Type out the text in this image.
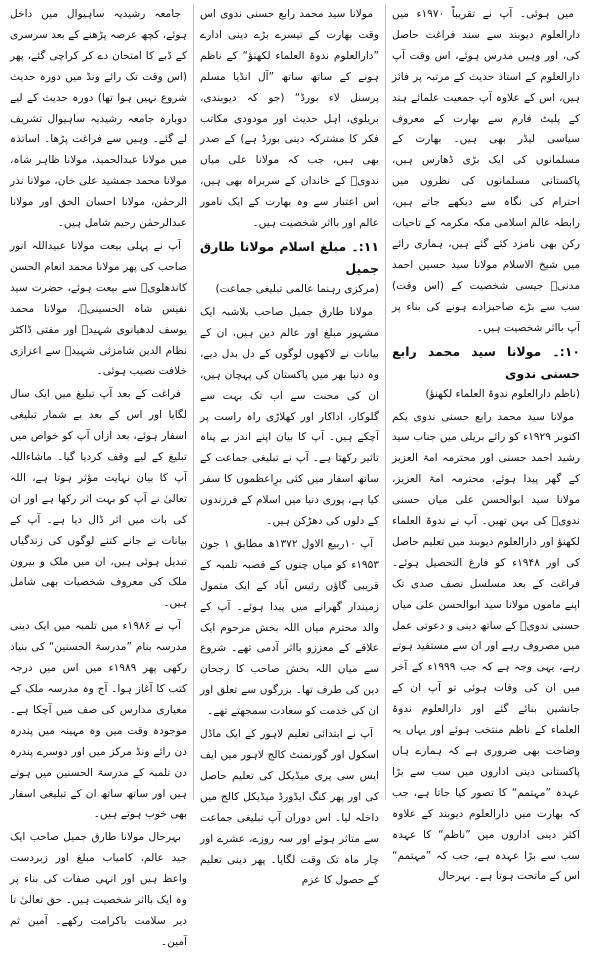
میں ہوئی۔ آپ نے تقریباً ۱۹۷۰ء میں دارالعلوم دیوبند سے سند فراغت حاصل کی، اور وہیں مدرس ہوئے، اس وقت آپ دارالعلوم کے استاذ حدیث کے مرتبہ پر فائز ہیں، اس کے علاوہ آپ جمعیت علمائے ہند کے پلیٹ فارم سے بھارت کے معروف سیاسی لیڈر بھی ہیں۔ بھارت کے مسلمانوں کی ایک بڑی ڈھارس ہیں، پاکستانی مسلمانوں کی نظروں میں احترام کی نگاہ سے دیکھے جاتے ہیں، رابطہ عالم اسلامی مکہ مکرمہ کے تاحیات رکن بھی نامزد کئے گئے ہیں، ہماری رائے میں شیخ الاسلام مولانا سید حسین احمد مدنیؒ جیسی شخصیت کے (اس وقت) سب سے بڑے صاحبزادے ہونے کی بناء پر آپ بااثر شخصیت ہیں۔

۱۰:۔ مولانا سید محمد رابع حسنی ندوی

(ناظم دارالعلوم ندوۃ العلماء لکھنؤ)

مولانا سید محمد رابع حسنی ندوی یکم اکتوبر ۱۹۲۹ء کو رائے بریلی میں جناب سید رشید احمد حسنی اور محترمہ امۃ العزیز کے گھر پیدا ہوئے، محترمہ امۃ العزیز، مولانا سید ابوالحسن علی میاں حسنی ندویؒ کی بہن تھیں۔ آپ نے ندوۃ العلماء لکھنؤ اور دارالعلوم دیوبند میں تعلیم حاصل کی اور ۱۹۴۸ء کو فارغ التحصیل ہوئے۔ فراغت کے بعد مسلسل نصف صدی تک اپنے ماموں مولانا سید ابوالحسن علی میاں حسنی ندویؒ کے ساتھ دینی و دعوتی عمل میں مصروف رہے اور ان سے مستفید ہوتے رہے، یہی وجہ ہے کہ جب ۱۹۹۹ء کے آخر میں ان کی وفات ہوئی تو آپ ان کے جانشین بنائے گئے اور دارالعلوم ندوۃ العلماء کے ناظم منتخب ہوئے اور یہاں یہ وضاحت بھی ضروری ہے کہ ہمارے ہاں پاکستانی دینی اداروں میں سب سے بڑا عہدہ ”مہتمم“ کا تصور کیا جاتا ہے، جب کہ بھارت میں دارالعلوم دیوبند کے علاوہ اکثر دینی اداروں میں ”ناظم“ کا عہدہ سب سے بڑا عہدہ ہے، جب کہ ”مہتمم“ اس کے ماتحت ہوتا ہے۔ بہرحال

مولانا سید محمد رابع حسنی ندوی اس وقت بھارت کے تیسرے بڑے دینی ادارے ”دارالعلوم ندوۃ العلماء لکھنؤ“ کے ناظم ہونے کے ساتھ ساتھ ”آل انڈیا مسلم پرسنل لاء بورڈ“ (جو کہ دیوبندی، بریلوی، اہل حدیث اور مودودی مکاتب فکر کا مشترکہ دینی بورڈ ہے) کے صدر بھی ہیں، جب کہ مولانا علی میاں ندویؒ کے خاندان کے سربراہ بھی ہیں، اس اعتبار سے وہ بھارت کے ایک نامور عالم اور بااثر شخصیت ہیں۔

۱۱:۔ مبلغ اسلام مولانا طارق جمیل

(مرکزی رہنما عالمی تبلیغی جماعت)

مولانا طارق جمیل صاحب بلاشبہ ایک مشہور مبلغ اور عالم دین ہیں، ان کے بیانات نے لاکھوں لوگوں کے دل بدل دیے، وہ دنیا بھر میں پاکستان کی پہچان ہیں، ان کی محنت سے اب تک بہت سے گلوکار، اداکار اور کھلاڑی راہ راست پر آچکے ہیں۔ آپ کا بیان اپنے اندر بے پناہ تاثیر رکھتا ہے۔ آپ نے تبلیغی جماعت کے ساتھ اسفار میں کئی برِاعظموں کا سفر کیا ہے، پوری دنیا میں اسلام کے فرزندوں کے دلوں کی دھڑکن ہیں۔

آپ ۱۰ربیع الاول ۱۳۷۲ھ مطابق ۱ جون ۱۹۵۳ء کو میاں چنوں کے قصبہ تلمبہ کے قریبی گاؤں رئیس آباد کے ایک متمول زمیندار گھرانے میں پیدا ہوئے۔ آپ کے والد محترم میاں اللہ بخش مرحوم ایک علاقے کے معززو بااثر آدمی تھے۔ شروع سے میاں اللہ بخش صاحب کا رجحان دین کی طرف تھا۔ بزرگوں سے تعلق اور ان کی خدمت کو سعادت سمجھتے تھے۔

آپ نے ابتدائی تعلیم لاہور کے ایک ماڈل اسکول اور گورنمنٹ کالج لاہور میں ایف ایس سی پری میڈیکل کی تعلیم حاصل کی اور پھر کنگ ایڈورڈ میڈیکل کالج میں داخلہ لیا۔ اس دوران آپ تبلیغی جماعت سے متاثر ہوئے اور سہ روزے، عشرے اور چار ماہ تک وقت لگایا۔ پھر دینی تعلیم کے حصول کا عزم

جامعہ رشیدیہ ساہیوال میں داخل ہوئے، کچھ عرصہ پڑھنے کے بعد سرسری کے ڈبے کا امتحان دے کر کراچی گئے، پھر (اس وقت تک رائے ونڈ میں دورہ حدیث شروع نہیں ہوا تھا) دورہ حدیث کے لیے دوبارہ جامعہ رشیدیہ ساہیوال تشریف لے گئے۔ وہیں سے فراغت پڑھا۔ اساتذہ میں مولانا عبدالحمید، مولانا ظاہر شاہ، مولانا محمد جمشید علی خان، مولانا نذر الرحمٰن، مولانا احسان الحق اور مولانا عبدالرحمٰن رحیم شامل ہیں۔

آپ نے پہلی بیعت مولانا عبیداللہ انور صاحب کی پھر مولانا محمد انعام الحسن کاندھلویؒ سے بیعت ہوئے، حضرت سید نفیس شاہ الحسینیؒ، مولانا محمد یوسف لدھیانوی شہیدؒ اور مفتی ڈاکٹر نظام الدین شامزئی شہیدؒ سے اعزازی خلافت نصیب ہوئی۔

فراغت کے بعد آپ تبلیغ میں ایک سال لگایا اور اس کے بعد بے شمار تبلیغی اسفار ہوئے، بعد ازاں آپ کو خواص میں تبلیغ کے لیے وقف کردیا گیا۔ ماشاءاللہ آپ کا بیان نہایت مؤثر ہوتا ہے، اللہ تعالیٰ نے آپ کو بہت اثر رکھا ہے اور ان کی بات میں اثر ڈال دیا ہے۔ آپ کے بیانات نے جانے کتنے لوگوں کی زندگیاں تبدیل ہوئی ہیں، ان میں ملک و بیرون ملک کی معروف شخصیات بھی شامل ہیں۔

آپ نے ۱۹۸۶ء میں تلمبہ میں ایک دینی مدرسہ بنام ”مدرسۃ الحسنین“ کی بنیاد رکھی پھر ۱۹۸۹ء میں اس میں درجہ کتب کا آغاز ہوا۔ آج وہ مدرسہ ملک کے معیاری مدارس کی صف میں آچکا ہے۔ موجودہ وقت میں وہ مہینہ میں پندرہ دن رائے ونڈ مرکز میں اور دوسرے پندرہ دن تلمبہ کے مدرسۃ الحسنین میں ہوتے ہیں اور ساتھ ساتھ ان کے تبلیغی اسفار بھی خوب ہوتے ہیں۔

بہرحال مولانا طارق جمیل صاحب ایک جید عالم، کامیاب مبلغ اور زبردست واعظ ہیں اور انہی صفات کی بناء پر وہ ایک بااثر شخصیت ہیں۔ حق تعالیٰ تا دیر سلامت باکرامت رکھے۔ آمین ثم آمین۔
